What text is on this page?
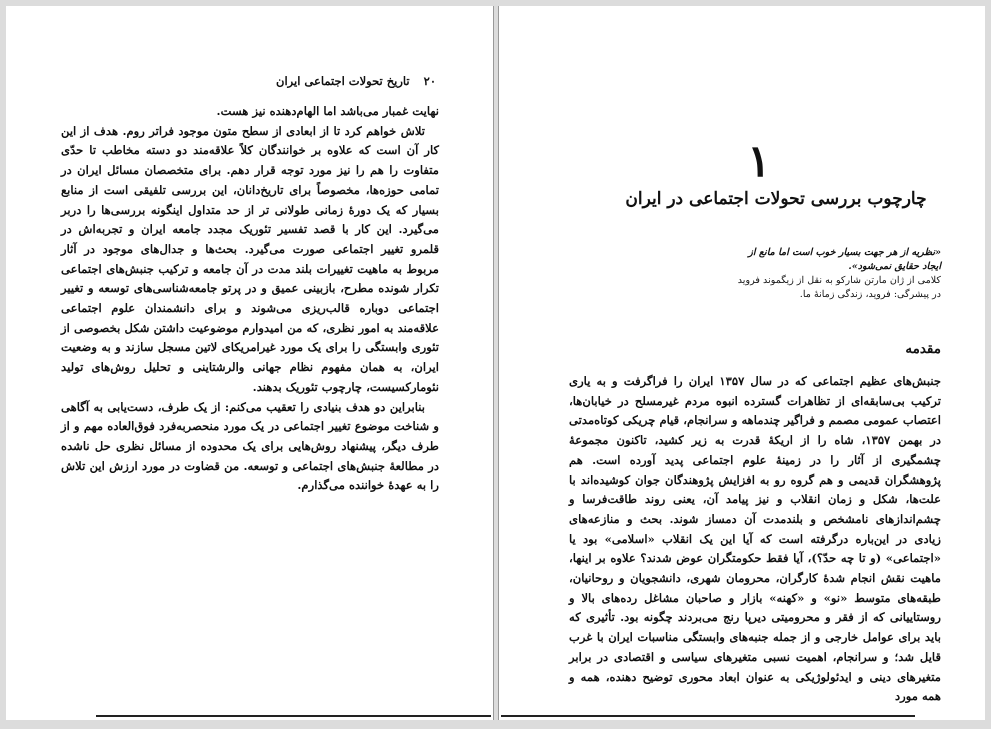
۲۰ تاریخ تحولات اجتماعی ایران

نهایت غمبار می‌باشد اما الهام‌دهنده نیز هست.

تلاش خواهم کرد تا از ابعادی از سطح متون موجود فراتر روم. هدف از این کار آن است که علاوه بر خوانندگان کلاً علاقه‌مند دو دسته مخاطب تا حدّی متفاوت را هم را نیز مورد توجه قرار دهم. برای متخصصان مسائل ایران در تمامی حوزه‌ها، مخصوصاً برای تاریخ‌دانان، این بررسی تلفیقی است از منابع بسیار که یک دورهٔ زمانی طولانی تر از حد متداول اینگونه بررسی‌ها را دربر می‌گیرد. این کار با قصد تفسیر تئوریک مجدد جامعه ایران و تجربه‌اش در قلمرو تغییر اجتماعی صورت می‌گیرد. بحث‌ها و جدال‌های موجود در آثار مربوط به ماهیت تغییرات بلند مدت در آن جامعه و ترکیب جنبش‌های اجتماعی تکرار شونده مطرح، بازبینی عمیق و در پرتو جامعه‌شناسی‌های توسعه و تغییر اجتماعی دوباره قالب‌ریزی می‌شوند و برای دانشمندان علوم اجتماعی علاقه‌مند به امور نظری، که من امیدوارم موضوعیت داشتن شکل بخصوصی از تئوری وابستگی را برای یک مورد غیرامریکای لاتین مسجل سازند و به وضعیت ایران، به همان مفهوم نظام جهانی والرشتاینی و تحلیل روش‌های تولید نئومارکسیست، چارچوب تئوریک بدهند.

بنابراین دو هدف بنیادی را تعقیب می‌کنم: از یک طرف، دست‌یابی به آگاهی و شناخت موضوع تغییر اجتماعی در یک مورد منحصربه‌فرد فوق‌العاده مهم و از طرف دیگر، پیشنهاد روش‌هایی برای یک محدوده از مسائل نظری حل ناشده در مطالعهٔ جنبش‌های اجتماعی و توسعه. من قضاوت در مورد ارزش این تلاش را به عهدهٔ خواننده می‌گذارم.

۱
چارچوب بررسی تحولات اجتماعی در ایران
«نظریه از هر جهت بسیار خوب است اما مانع از ایجاد حقایق نمی‌شود».
کلامی از ژان مارتن شارکو به نقل از زیگموند فروید در پیشرگی: فروید، زندگی زمانهٔ ما.
مقدمه

جنبش‌های عظیم اجتماعی که در سال ۱۳۵۷ ایران را فراگرفت و به یاری ترکیب بی‌سابقه‌ای از تظاهرات گسترده انبوه مردم غیرمسلح در خیابان‌ها، اعتصاب عمومی مصمم و فراگیر چندماهه و سرانجام، قیام چریکی کوتاه‌مدتی در بهمن ۱۳۵۷، شاه را از اریکهٔ قدرت به زیر کشید، تاکنون مجموعهٔ چشمگیری از آثار را در زمینهٔ علوم اجتماعی پدید آورده است. هم پژوهشگران قدیمی و هم گروه رو به افزایش پژوهندگان جوان کوشیده‌اند با علت‌ها، شکل و زمان انقلاب و نیز پیامد آن، یعنی روند طاقت‌فرسا و چشم‌اندازهای نامشخص و بلندمدت آن دمساز شوند. بحث و منازعه‌های زیادی در این‌باره درگرفته است که آیا این یک انقلاب «اسلامی» بود یا «اجتماعی» (و تا چه حدّ؟)، آیا فقط حکومتگران عوض شدند؟ علاوه بر اینها، ماهیت نقش انجام شدهٔ کارگران، محرومان شهری، دانشجویان و روحانیان، طبقه‌های متوسط «نو» و «کهنه» بازار و صاحبان مشاغل رده‌های بالا و روستاییانی که از فقر و محرومیتی دیرپا رنج می‌بردند چگونه بود. تأثیری که باید برای عوامل خارجی و از جمله جنبه‌های وابستگی مناسبات ایران با غرب قایل شد؛ و سرانجام، اهمیت نسبی متغیرهای سیاسی و اقتصادی در برابر متغیرهای دینی و ایدئولوژیکی به عنوان ابعاد محوری توضیح دهنده، همه و همه مورد
